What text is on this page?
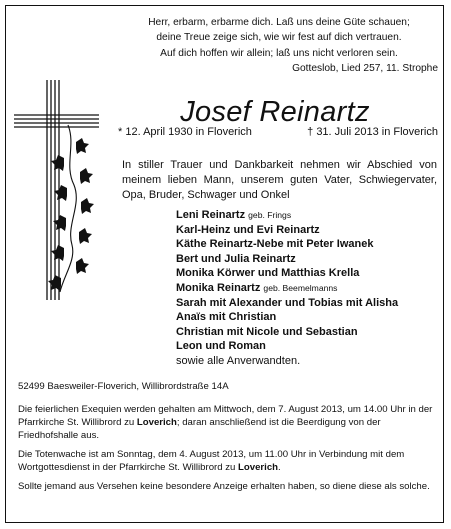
Herr, erbarm, erbarme dich. Laß uns deine Güte schauen;
deine Treue zeige sich, wie wir fest auf dich vertrauen.
Auf dich hoffen wir allein; laß uns nicht verloren sein.
Gotteslob, Lied 257, 11. Strophe
Josef Reinartz
* 12. April 1930 in Floverich	† 31. Juli 2013 in Floverich
In stiller Trauer und Dankbarkeit nehmen wir Abschied von meinem lieben Mann, unserem guten Vater, Schwiegervater, Opa, Bruder, Schwager und Onkel
Leni Reinartz geb. Frings
Karl-Heinz und Evi Reinartz
Käthe Reinartz-Nebe mit Peter Iwanek
Bert und Julia Reinartz
Monika Körwer und Matthias Krella
Monika Reinartz geb. Beemelmanns
Sarah mit Alexander und Tobias mit Alisha
Anaïs mit Christian
Christian mit Nicole und Sebastian
Leon und Roman
sowie alle Anverwandten.
52499 Baesweiler-Floverich, Willibrordstraße 14A
Die feierlichen Exequien werden gehalten am Mittwoch, dem 7. August 2013, um 14.00 Uhr in der Pfarrkirche St. Willibrord zu Loverich; daran anschließend ist die Beerdigung von der Friedhofshalle aus.
Die Totenwache ist am Sonntag, dem 4. August 2013, um 11.00 Uhr in Verbindung mit dem Wortgottesdienst in der Pfarrkirche St. Willibrord zu Loverich.
Sollte jemand aus Versehen keine besondere Anzeige erhalten haben, so diene diese als solche.
